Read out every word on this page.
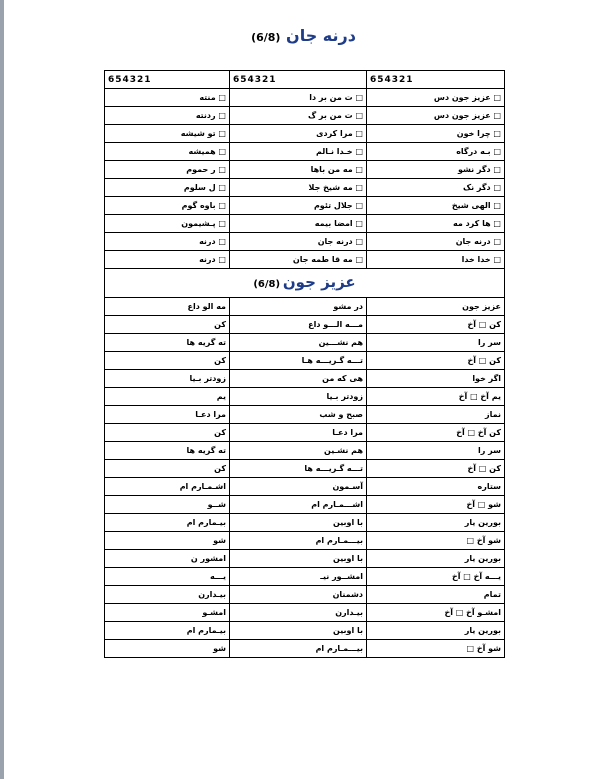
درنه جان (6/8)
654321	654321	654321
□ عزیز جون دس	□ ت من بر دا	□ منته
□ عزیز جون دس	□ ت من بر گ	□ ردنته
□ چرا خون	□ مرا کردی	□ تو شیشه
□ بـه درگاه	□ خـدا نـالم	□ همیشه
□ دگر نشو	□ مه من باها	□ ر حموم
□ دگر نک	□ مه شیخ جلا	□ ل سلوم
□ الهی شیخ	□ جلال تئوم	□ باوه گوم
□ ها کرد مه	□ امضا بیمه	□ پـشیمون
□ درنه جان	□ درنه جان	□ درنه
□ خدا خدا	□ مه قا طمه جان	□ درنه
عزیز جون (6/8)		
عزیز جون	در مشو	مه الو داع
کن □ آخ	مـــه الـــو داع	کن
سر را	هم نشـــین	ته گریه ها
کن □ آخ	تـــه گـریـــه هـا	کن
اگر خوا	هی که من	زودتر بـیا
یم آخ □ آخ	زودتر بـیا	یم
نماز	صبح و شب	مرا دعـا
کن آخ □ آخ	مرا دعـا	کن
سر را	هم نشـین	ته گریه ها
کن □ آخ	تـــه گـریـــه ها	کن
ستاره	آسـمون	اشـمـارم ام
شو □ آخ	اشـــمـارم ام	شــو
بورین یار	با اوبین	بیـمارم ام
شو آخ □	بیـــمـارم ام	شو
بورین یار	با اوبین	امشور ن
یـــه آخ □ آخ	امشــور نیـ	یـــه
تمام	دشمنان	بیـدارن
امشـو آخ □ آخ	بیـدارن	امشـو
بورین یار	با اوبین	بیـمارم ام
شو آخ □	بیـــمـارم ام	شو
